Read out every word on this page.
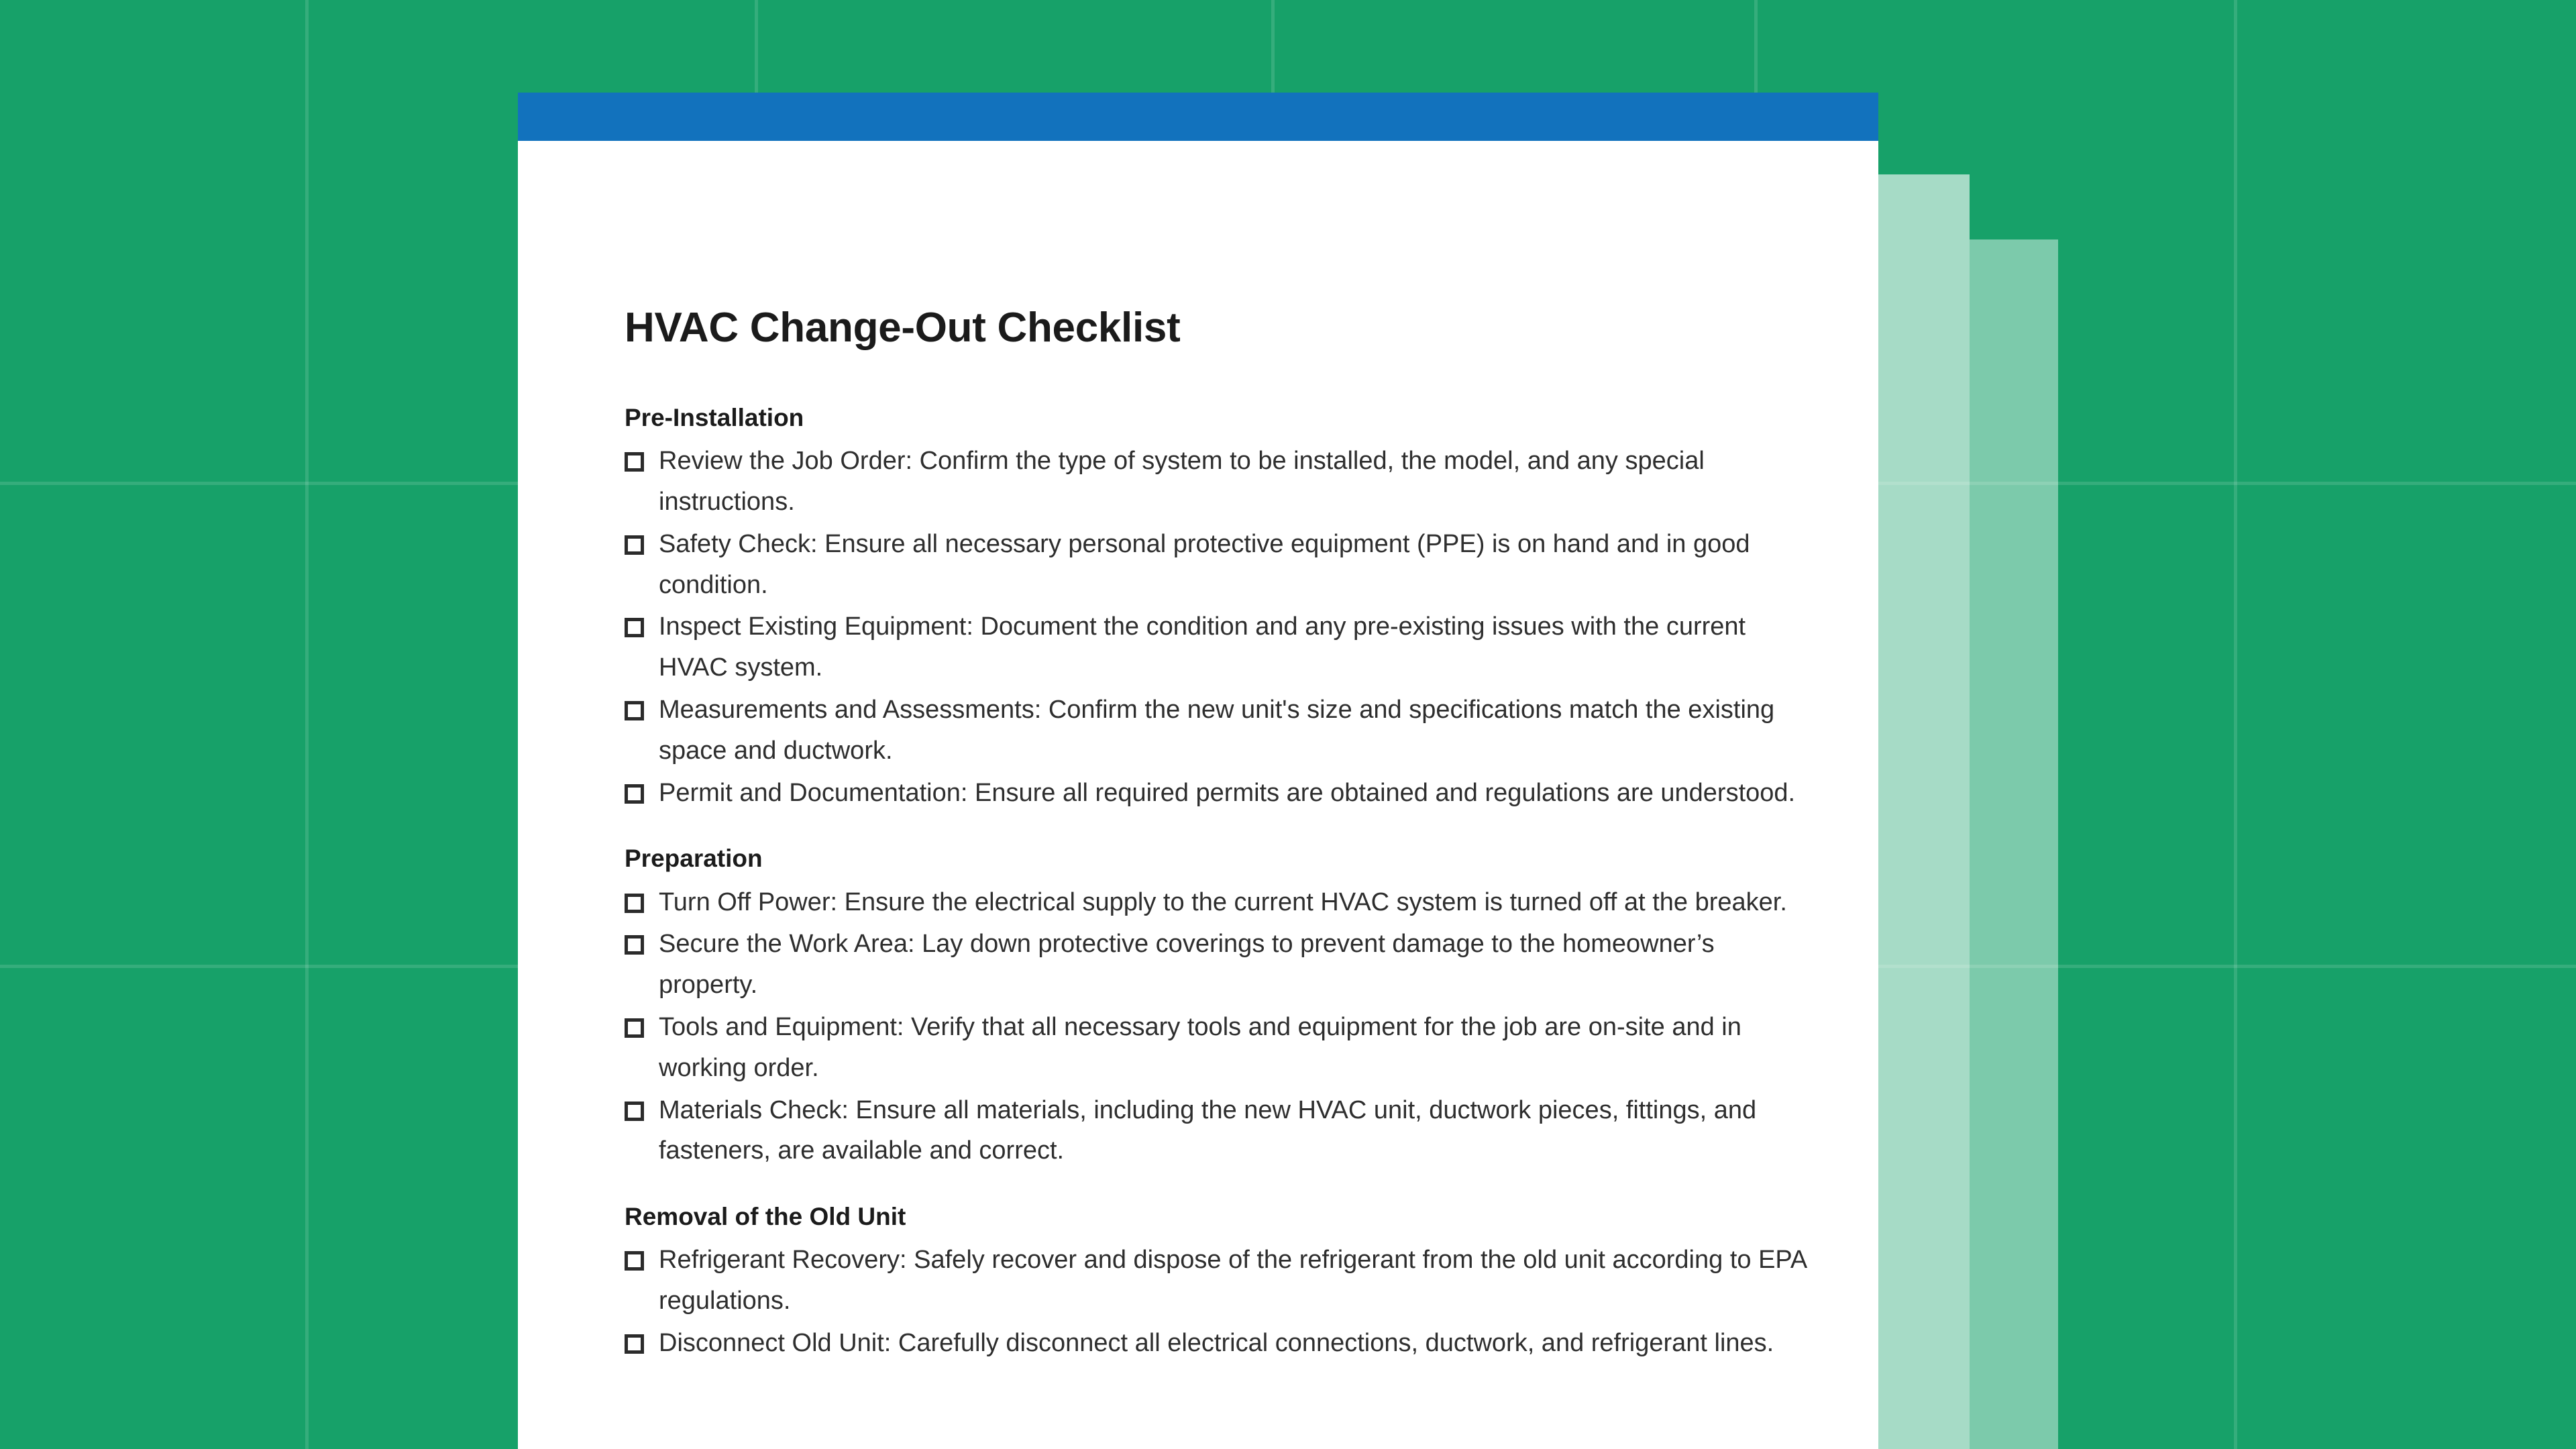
HVAC Change-Out Checklist
Pre-Installation
Review the Job Order: Confirm the type of system to be installed, the model, and any special instructions.
Safety Check: Ensure all necessary personal protective equipment (PPE) is on hand and in good condition.
Inspect Existing Equipment: Document the condition and any pre-existing issues with the current HVAC system.
Measurements and Assessments: Confirm the new unit's size and specifications match the existing space and ductwork.
Permit and Documentation: Ensure all required permits are obtained and regulations are understood.
Preparation
Turn Off Power: Ensure the electrical supply to the current HVAC system is turned off at the breaker.
Secure the Work Area: Lay down protective coverings to prevent damage to the homeowner’s property.
Tools and Equipment: Verify that all necessary tools and equipment for the job are on-site and in working order.
Materials Check: Ensure all materials, including the new HVAC unit, ductwork pieces, fittings, and fasteners, are available and correct.
Removal of the Old Unit
Refrigerant Recovery: Safely recover and dispose of the refrigerant from the old unit according to EPA regulations.
Disconnect Old Unit: Carefully disconnect all electrical connections, ductwork, and refrigerant lines.
